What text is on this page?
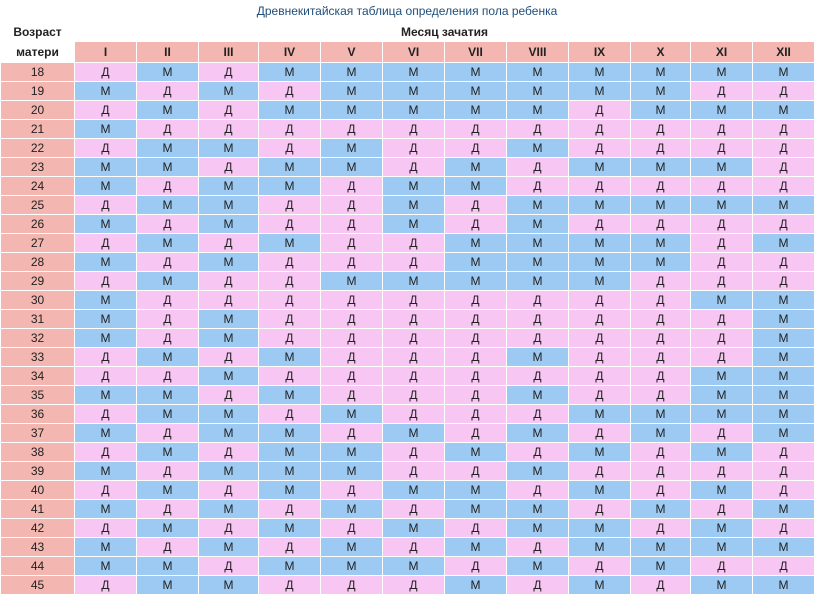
Древнекитайская таблица определения пола ребенка
Возраст	Месяц зачатия											
матери	I	II	III	IV	V	VI	VII	VIII	IX	X	XI	XII
18	Д	М	Д	М	М	М	М	М	М	М	М	М
19	М	Д	М	Д	М	М	М	М	М	М	Д	Д
20	Д	М	Д	М	М	М	М	М	Д	М	М	М
21	М	Д	Д	Д	Д	Д	Д	Д	Д	Д	Д	Д
22	Д	М	М	Д	М	Д	Д	М	Д	Д	Д	Д
23	М	М	Д	М	М	Д	М	Д	М	М	М	Д
24	М	Д	М	М	Д	М	М	Д	Д	Д	Д	Д
25	Д	М	М	Д	Д	М	Д	М	М	М	М	М
26	М	Д	М	Д	Д	М	Д	М	Д	Д	Д	Д
27	Д	М	Д	М	Д	Д	М	М	М	М	Д	М
28	М	Д	М	Д	Д	Д	М	М	М	М	Д	Д
29	Д	М	Д	Д	М	М	М	М	М	Д	Д	Д
30	М	Д	Д	Д	Д	Д	Д	Д	Д	Д	М	М
31	М	Д	М	Д	Д	Д	Д	Д	Д	Д	Д	М
32	М	Д	М	Д	Д	Д	Д	Д	Д	Д	Д	М
33	Д	М	Д	М	Д	Д	Д	М	Д	Д	Д	М
34	Д	Д	М	Д	Д	Д	Д	Д	Д	Д	М	М
35	М	М	Д	М	Д	Д	Д	М	Д	Д	М	М
36	Д	М	М	Д	М	Д	Д	Д	М	М	М	М
37	М	Д	М	М	Д	М	Д	М	Д	М	Д	М
38	Д	М	Д	М	М	Д	М	Д	М	Д	М	Д
39	М	Д	М	М	М	Д	Д	М	Д	Д	Д	Д
40	Д	М	Д	М	Д	М	М	Д	М	Д	М	Д
41	М	Д	М	Д	М	Д	М	М	Д	М	Д	М
42	Д	М	Д	М	Д	М	Д	М	М	Д	М	Д
43	М	Д	М	Д	М	Д	М	Д	М	М	М	М
44	М	М	Д	М	М	М	Д	М	Д	М	Д	Д
45	Д	М	М	Д	Д	Д	М	Д	М	Д	М	М
